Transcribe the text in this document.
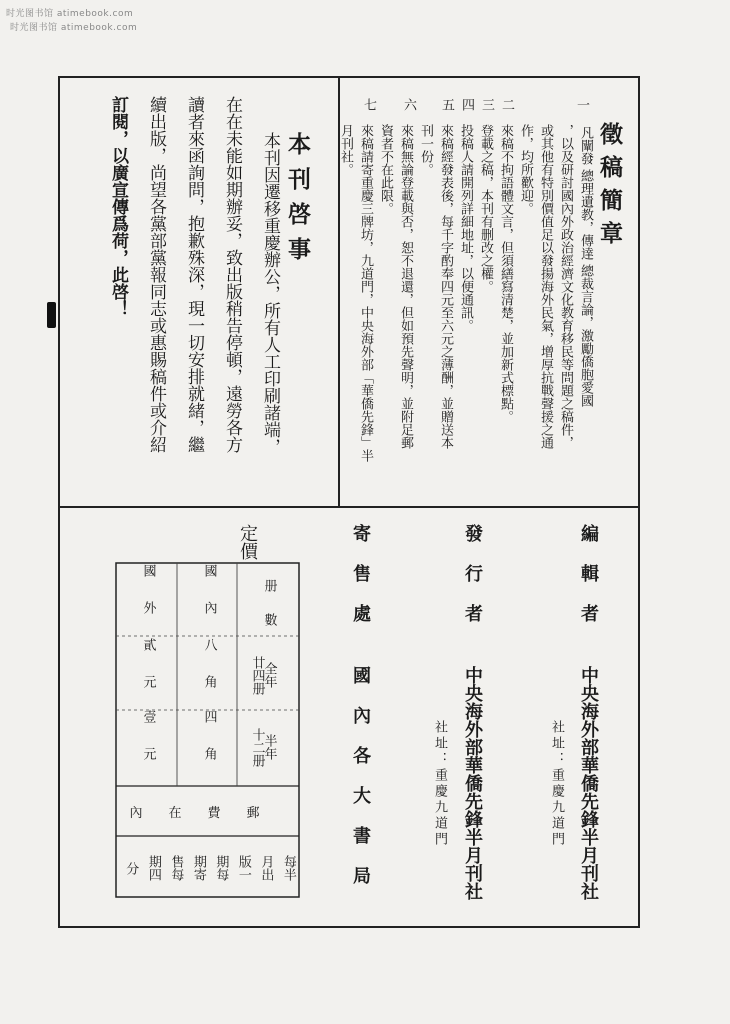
时光图书馆 atimebook.com
时光图书馆 atimebook.com
徵稿簡章
一
凡闡發 總理遺教，傳達 總裁言論，激勵僑胞愛國
，以及研討國內外政治經濟文化教育移民等問題之稿件，
或其他有特別價值足以發揚海外民氣，增厚抗戰聲援之通
作，均所歡迎。
二
來稿不拘語體文言，但須繕寫清楚，並加新式標點。
登載之稿，本刊有删改之權。
三
投稿人請開列詳細地址，以便通訊。
四
來稿經發表後，每千字酌奉四元至六元之薄酬，並贈送本
刊一份。
五
來稿無論登載與否，恕不退還，但如預先聲明，並附足郵
資者不在此限。
六
來稿請寄重慶三牌坊，九道門，中央海外部「華僑先鋒」半
月刊社。
七
本刊啓事
本刊因遷移重慶辦公，所有人工印刷諸端，
在在未能如期辦妥，致出版稍告停頓，遠勞各方
讀者來函詢問，抱歉殊深，現一切安排就緒，繼
續出版，尚望各黨部黨報同志或惠賜稿件或介紹
訂閱，以廣宣傳爲荷，此啓！
編輯者
中央海外部華僑先鋒半月刊社
社址：重慶九道門
發行者
中央海外部華僑先鋒半月刊社
社址：重慶九道門
寄售處
國內各大書局
定價
册
數
全年
廿四册
半年
十二册
國內
八角
四角
國外
貳元
壹元
郵費在內
每半
月出
版一
期每
期寄
售每
期四
分
